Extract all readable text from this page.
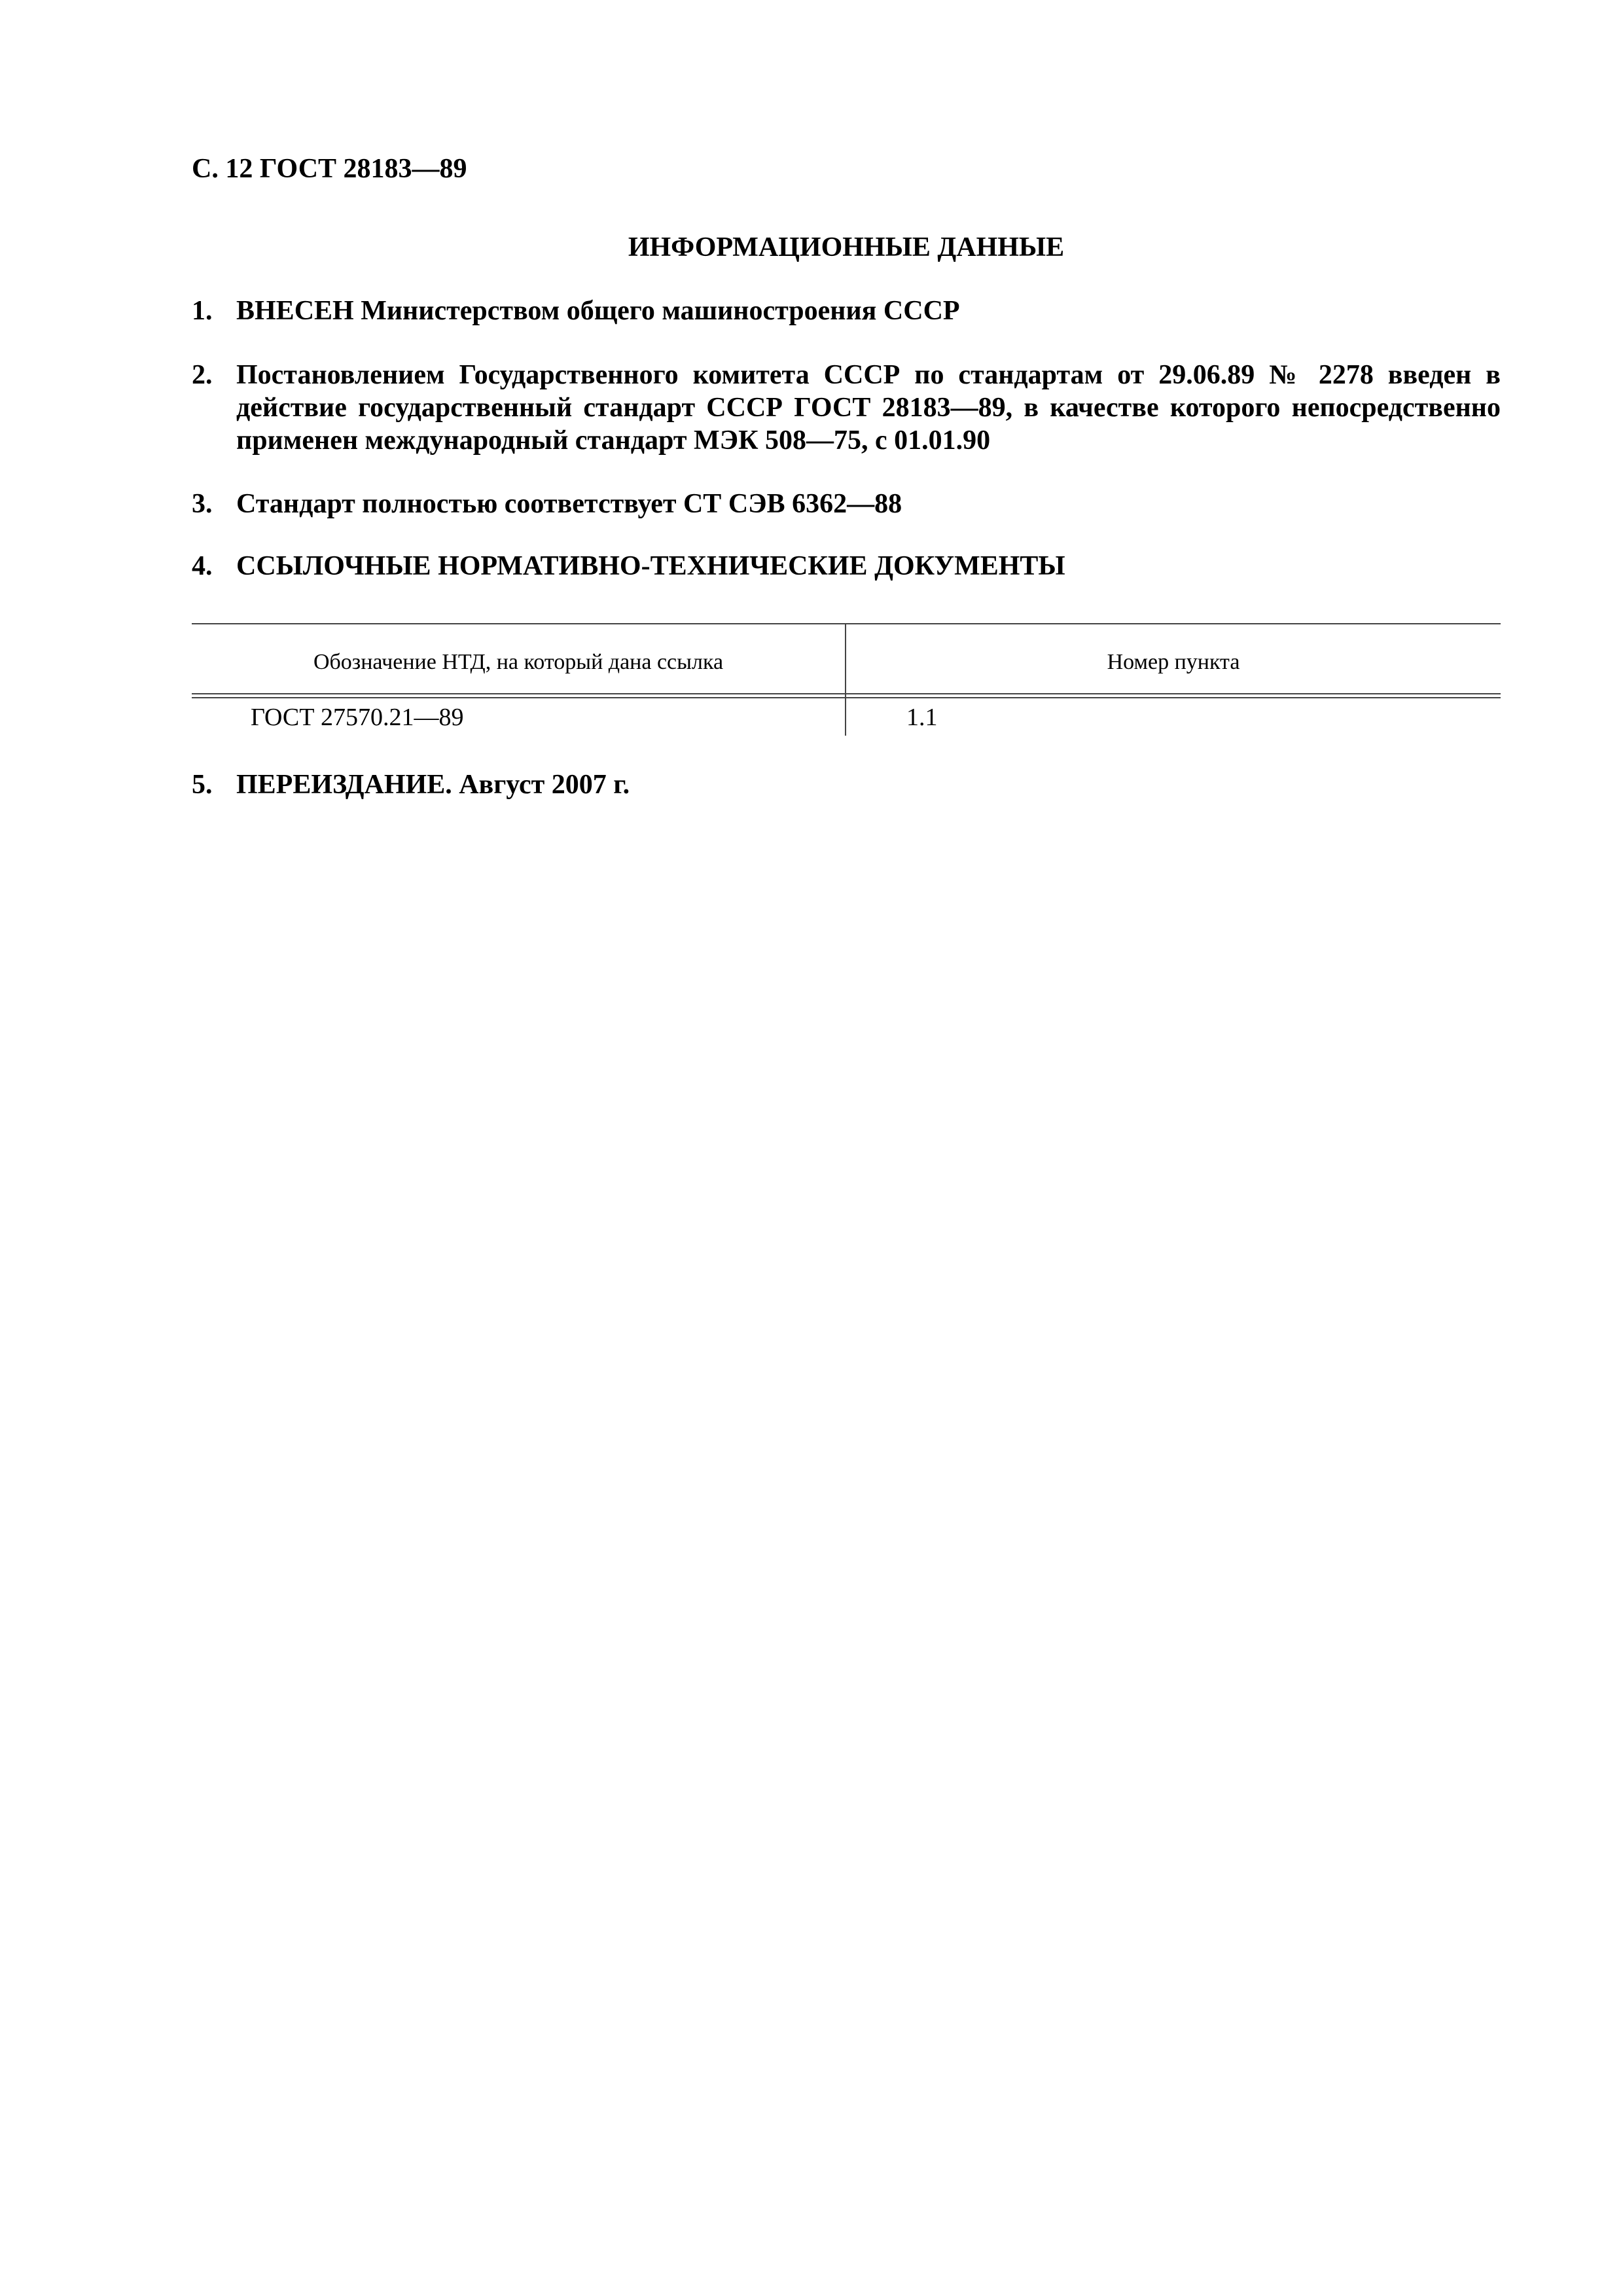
С. 12 ГОСТ 28183—89
ИНФОРМАЦИОННЫЕ ДАННЫЕ
1. ВНЕСЕН Министерством общего машиностроения СССР
2. Постановлением Государственного комитета СССР по стандартам от 29.06.89 № 2278 введен в действие государственный стандарт СССР ГОСТ 28183—89, в качестве которого непосредственно применен международный стандарт МЭК 508—75, с 01.01.90
3. Стандарт полностью соответствует СТ СЭВ 6362—88
4. ССЫЛОЧНЫЕ НОРМАТИВНО-ТЕХНИЧЕСКИЕ ДОКУМЕНТЫ
Обозначение НТД, на который дана ссылка	Номер пункта
ГОСТ 27570.21—89	1.1
5. ПЕРЕИЗДАНИЕ. Август 2007 г.
